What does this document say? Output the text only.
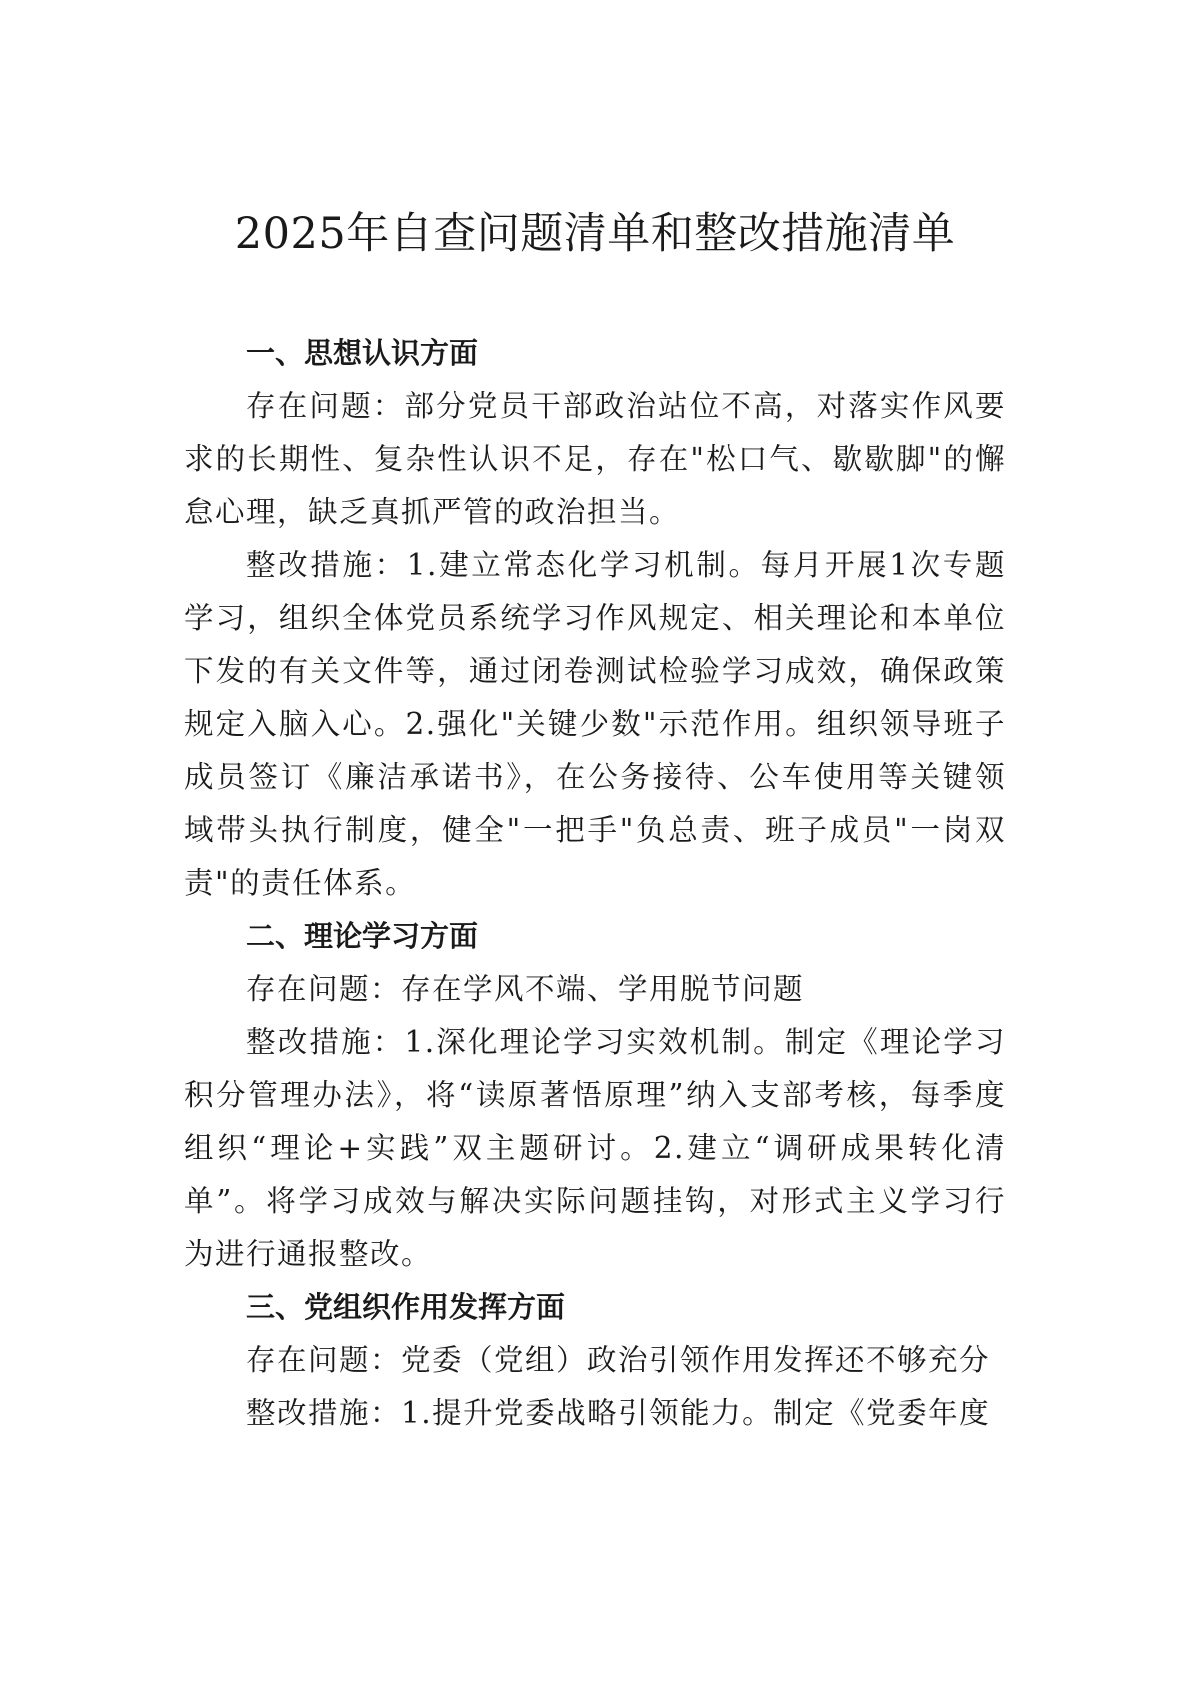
2025年自查问题清单和整改措施清单
一、思想认识方面

存在问题：部分党员干部政治站位不高，对落实作风要求的长期性、复杂性认识不足，存在"松口气、歇歇脚"的懈怠心理，缺乏真抓严管的政治担当。

整改措施：1.建立常态化学习机制。每月开展1次专题学习，组织全体党员系统学习作风规定、相关理论和本单位下发的有关文件等，通过闭卷测试检验学习成效，确保政策规定入脑入心。2.强化"关键少数"示范作用。组织领导班子成员签订《廉洁承诺书》，在公务接待、公车使用等关键领域带头执行制度，健全"一把手"负总责、班子成员"一岗双责"的责任体系。

二、理论学习方面

存在问题：存在学风不端、学用脱节问题

整改措施：1.深化理论学习实效机制。制定《理论学习积分管理办法》，将“读原著悟原理”纳入支部考核，每季度组织“理论+实践”双主题研讨。2.建立“调研成果转化清单”。将学习成效与解决实际问题挂钩，对形式主义学习行为进行通报整改。

三、党组织作用发挥方面

存在问题：党委（党组）政治引领作用发挥还不够充分

整改措施：1.提升党委战略引领能力。制定《党委年度
